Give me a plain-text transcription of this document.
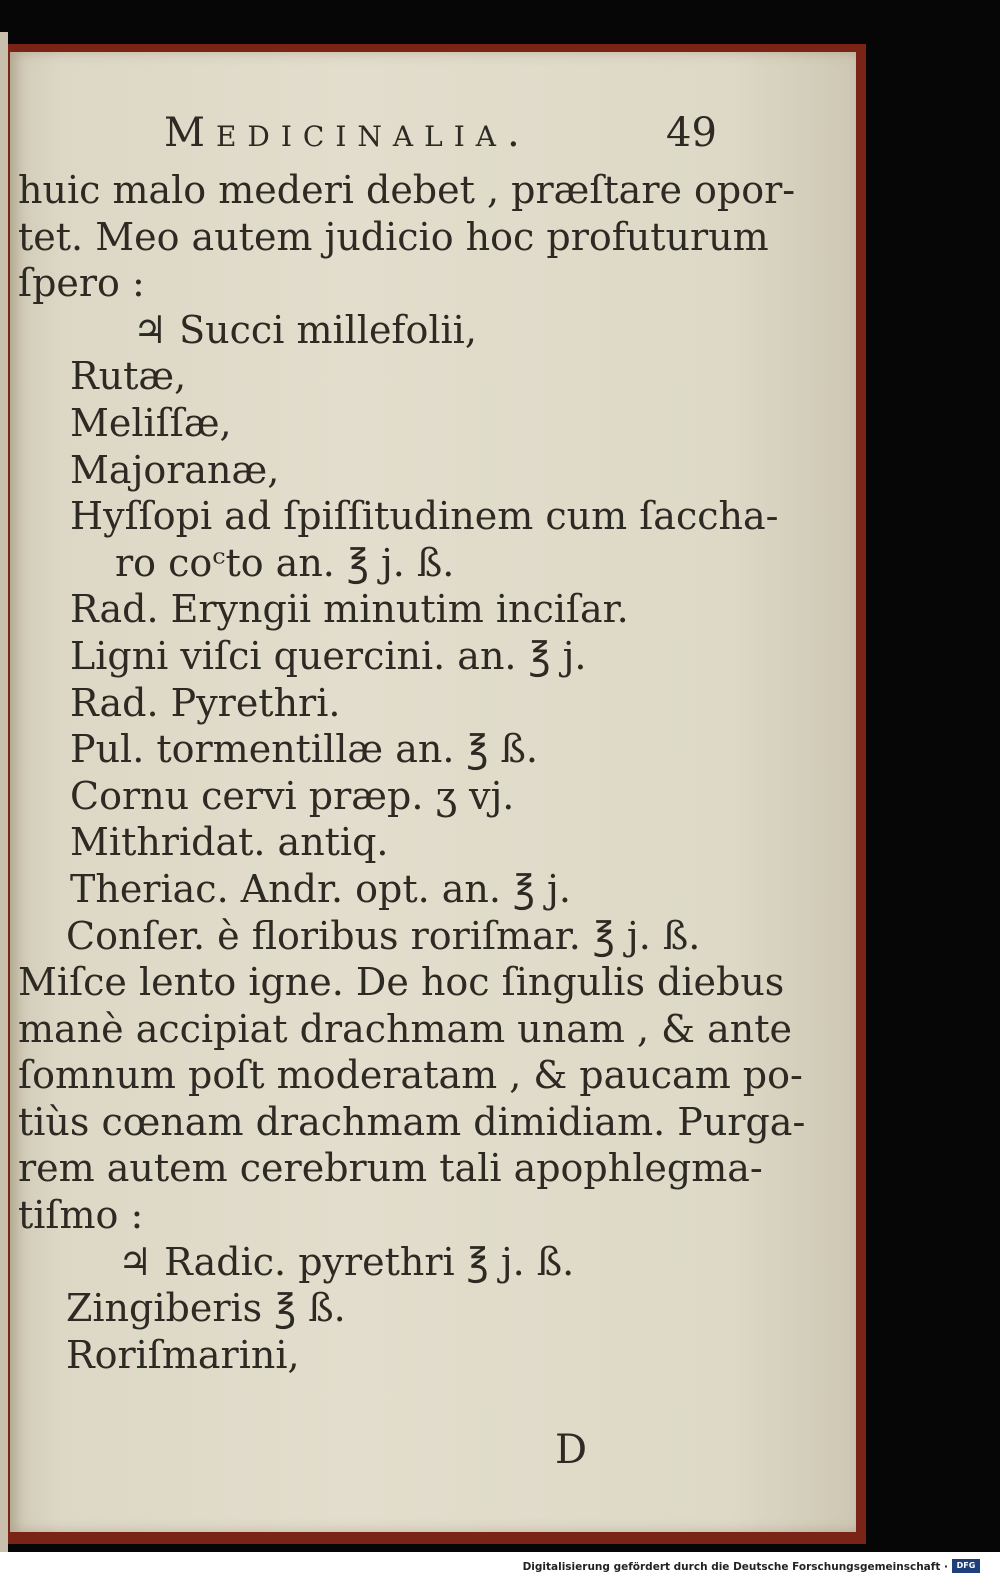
Medicinalia.	49
huic malo mederi debet , præſtare opor-
tet. Meo autem judicio hoc profuturum
ſpero :
♃ Succi millefolii,
Rutæ,
Meliſſæ,
Majoranæ,
Hyſſopi ad ſpiſſitudinem cum ſaccha-
ro coᶜto an. ℥ j. ß.
Rad. Eryngii minutim inciſar.
Ligni viſci quercini. an. ℥ j.
Rad. Pyrethri.
Pul. tormentillæ an. ℥ ß.
Cornu cervi præp. ʒ vj.
Mithridat. antiq.
Theriac. Andr. opt. an. ℥ j.
Conſer. è floribus roriſmar. ℥ j. ß.
Miſce lento igne. De hoc ſingulis diebus
manè accipiat drachmam unam , & ante
ſomnum poſt moderatam , & paucam po-
tiùs cœnam drachmam dimidiam. Purga-
rem autem cerebrum tali apophlegma-
tiſmo :
♃ Radic. pyrethri ℥ j. ß.
Zingiberis ℥ ß.
Roriſmarini,
D
Digitalisierung gefördert durch die Deutsche Forschungsgemeinschaft ·	DFG
